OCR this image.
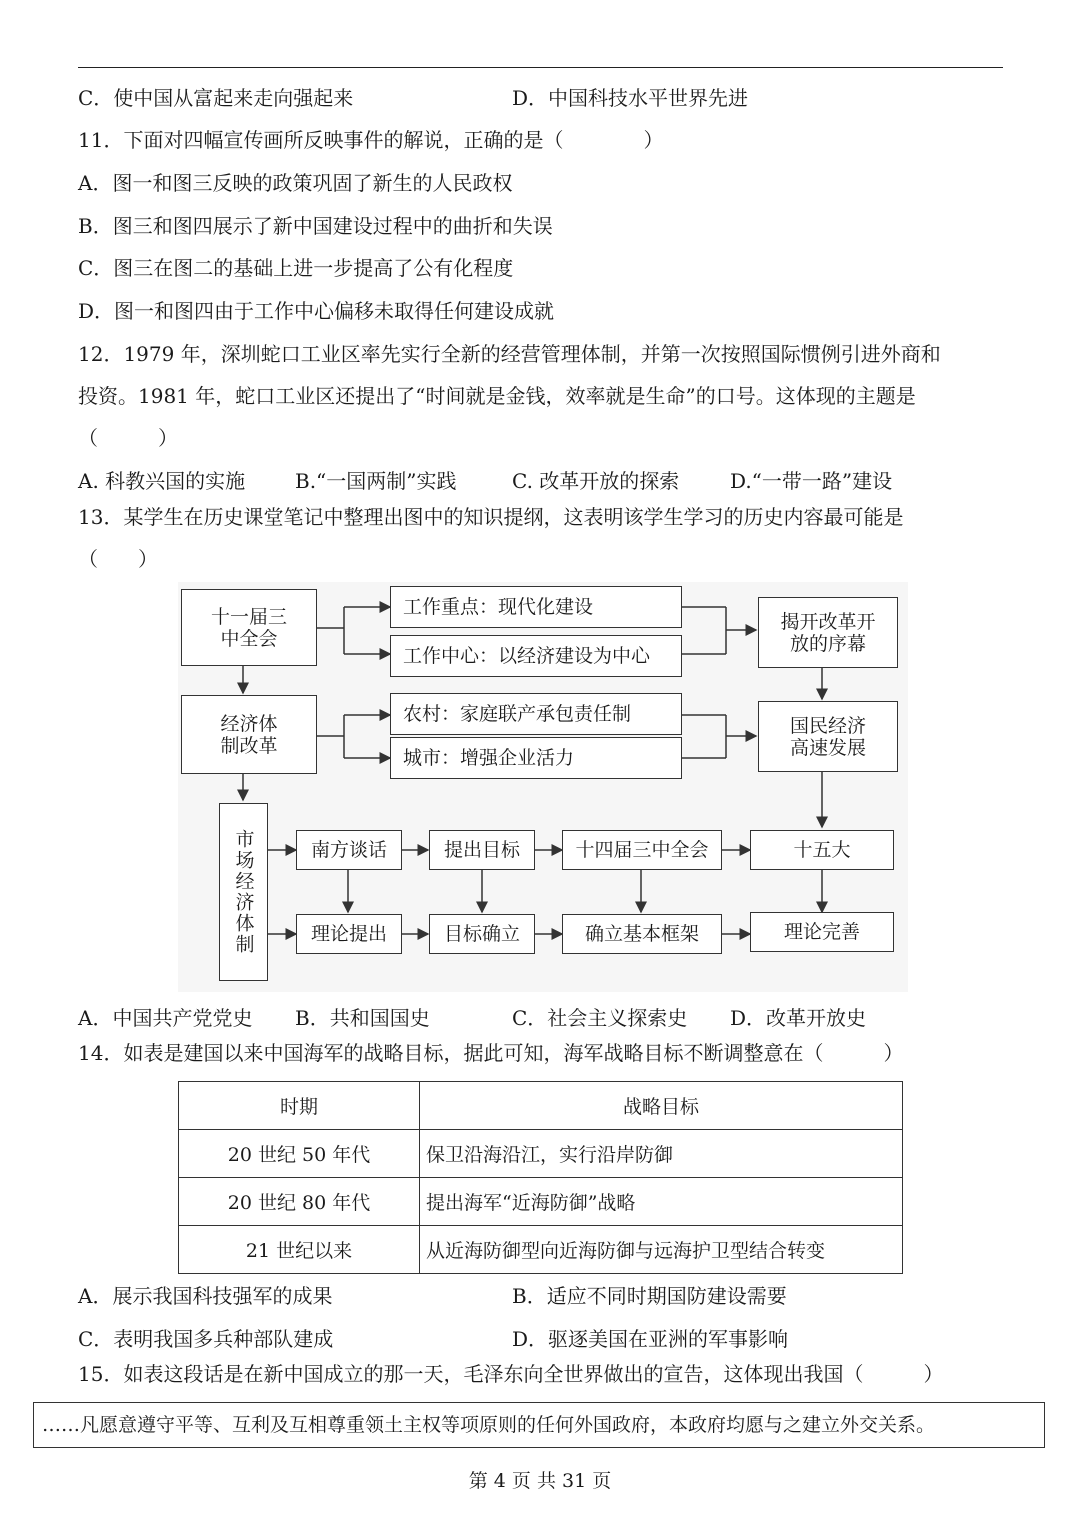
C．使中国从富起来走向强起来	D．中国科技水平世界先进
11．下面对四幅宣传画所反映事件的解说，正确的是（　　　　）
A．图一和图三反映的政策巩固了新生的人民政权
B．图三和图四展示了新中国建设过程中的曲折和失误
C．图三在图二的基础上进一步提高了公有化程度
D．图一和图四由于工作中心偏移未取得任何建设成就
12．1979 年，深圳蛇口工业区率先实行全新的经营管理体制，并第一次按照国际惯例引进外商和
投资。1981 年，蛇口工业区还提出了“时间就是金钱，效率就是生命”的口号。这体现的主题是
（　　　）
A. 科教兴国的实施 B.“一国两制”实践	C. 改革开放的探索	D.“一带一路”建设
13．某学生在历史课堂笔记中整理出图中的知识提纲，这表明该学生学习的历史内容最可能是
（　　）
十一届三中全会
工作重点：现代化建设
工作中心：以经济建设为中心
揭开改革开放的序幕
经济体制改革
农村：家庭联产承包责任制
城市：增强企业活力
国民经济高速发展
市场经济体制	南方谈话	提出目标	十四届三中全会	十五大
理论提出	目标确立	确立基本框架	理论完善
A．中国共产党党史 B．共和国国史	C．社会主义探索史 D．改革开放史
14．如表是建国以来中国海军的战略目标，据此可知，海军战略目标不断调整意在（　　　）
时期	战略目标
20 世纪 50 年代	保卫沿海沿江，实行沿岸防御
20 世纪 80 年代	提出海军“近海防御”战略
21 世纪以来	从近海防御型向近海防御与远海护卫型结合转变
A．展示我国科技强军的成果	B．适应不同时期国防建设需要
C．表明我国多兵种部队建成	D．驱逐美国在亚洲的军事影响
15．如表这段话是在新中国成立的那一天，毛泽东向全世界做出的宣告，这体现出我国（　　　）
……凡愿意遵守平等、互利及互相尊重领土主权等项原则的任何外国政府，本政府均愿与之建立外交关系。
第 4 页 共 31 页
